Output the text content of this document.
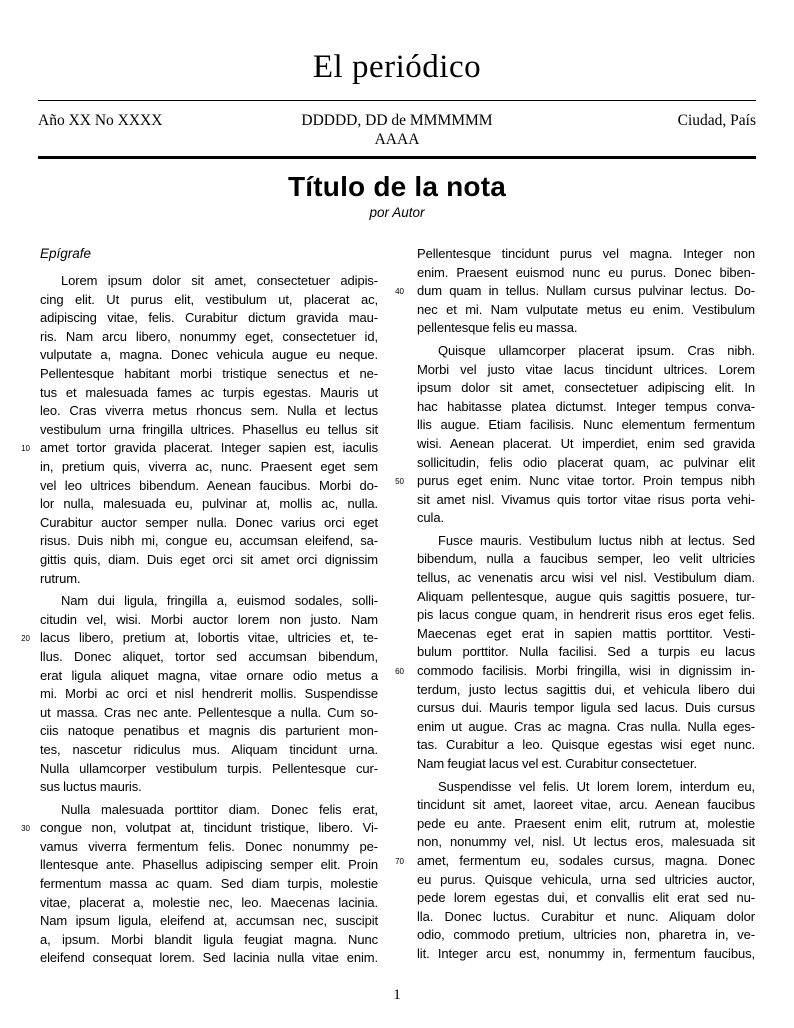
El periódico
Año XX No XXXX	DDDDD, DD de MMMMMM
AAAA
Ciudad, País
Título de la nota
por Autor
Epígrafe
Lorem ipsum dolor sit amet, consectetuer adipis-
cing elit. Ut purus elit, vestibulum ut, placerat ac,
adipiscing vitae, felis. Curabitur dictum gravida mau-
ris. Nam arcu libero, nonummy eget, consectetuer id,
vulputate a, magna. Donec vehicula augue eu neque.
Pellentesque habitant morbi tristique senectus et ne-
tus et malesuada fames ac turpis egestas. Mauris ut
leo. Cras viverra metus rhoncus sem. Nulla et lectus
vestibulum urna fringilla ultrices. Phasellus eu tellus sit
amet tortor gravida placerat. Integer sapien est, iaculis
10
in, pretium quis, viverra ac, nunc. Praesent eget sem
vel leo ultrices bibendum. Aenean faucibus. Morbi do-
lor nulla, malesuada eu, pulvinar at, mollis ac, nulla.
Curabitur auctor semper nulla. Donec varius orci eget
risus. Duis nibh mi, congue eu, accumsan eleifend, sa-
gittis quis, diam. Duis eget orci sit amet orci dignissim
rutrum.
Nam dui ligula, fringilla a, euismod sodales, solli-
citudin vel, wisi. Morbi auctor lorem non justo. Nam
lacus libero, pretium at, lobortis vitae, ultricies et, te-
20
llus. Donec aliquet, tortor sed accumsan bibendum,
erat ligula aliquet magna, vitae ornare odio metus a
mi. Morbi ac orci et nisl hendrerit mollis. Suspendisse
ut massa. Cras nec ante. Pellentesque a nulla. Cum so-
ciis natoque penatibus et magnis dis parturient mon-
tes, nascetur ridiculus mus. Aliquam tincidunt urna.
Nulla ullamcorper vestibulum turpis. Pellentesque cur-
sus luctus mauris.
Nulla malesuada porttitor diam. Donec felis erat,
congue non, volutpat at, tincidunt tristique, libero. Vi-
30
vamus viverra fermentum felis. Donec nonummy pe-
llentesque ante. Phasellus adipiscing semper elit. Proin
fermentum massa ac quam. Sed diam turpis, molestie
vitae, placerat a, molestie nec, leo. Maecenas lacinia.
Nam ipsum ligula, eleifend at, accumsan nec, suscipit
a, ipsum. Morbi blandit ligula feugiat magna. Nunc
eleifend consequat lorem. Sed lacinia nulla vitae enim.
Pellentesque tincidunt purus vel magna. Integer non
enim. Praesent euismod nunc eu purus. Donec biben-
dum quam in tellus. Nullam cursus pulvinar lectus. Do-
40
nec et mi. Nam vulputate metus eu enim. Vestibulum
pellentesque felis eu massa.
Quisque ullamcorper placerat ipsum. Cras nibh.
Morbi vel justo vitae lacus tincidunt ultrices. Lorem
ipsum dolor sit amet, consectetuer adipiscing elit. In
hac habitasse platea dictumst. Integer tempus conva-
llis augue. Etiam facilisis. Nunc elementum fermentum
wisi. Aenean placerat. Ut imperdiet, enim sed gravida
sollicitudin, felis odio placerat quam, ac pulvinar elit
purus eget enim. Nunc vitae tortor. Proin tempus nibh
50
sit amet nisl. Vivamus quis tortor vitae risus porta vehi-
cula.
Fusce mauris. Vestibulum luctus nibh at lectus. Sed
bibendum, nulla a faucibus semper, leo velit ultricies
tellus, ac venenatis arcu wisi vel nisl. Vestibulum diam.
Aliquam pellentesque, augue quis sagittis posuere, tur-
pis lacus congue quam, in hendrerit risus eros eget felis.
Maecenas eget erat in sapien mattis porttitor. Vesti-
bulum porttitor. Nulla facilisi. Sed a turpis eu lacus
commodo facilisis. Morbi fringilla, wisi in dignissim in-
60
terdum, justo lectus sagittis dui, et vehicula libero dui
cursus dui. Mauris tempor ligula sed lacus. Duis cursus
enim ut augue. Cras ac magna. Cras nulla. Nulla eges-
tas. Curabitur a leo. Quisque egestas wisi eget nunc.
Nam feugiat lacus vel est. Curabitur consectetuer.
Suspendisse vel felis. Ut lorem lorem, interdum eu,
tincidunt sit amet, laoreet vitae, arcu. Aenean faucibus
pede eu ante. Praesent enim elit, rutrum at, molestie
non, nonummy vel, nisl. Ut lectus eros, malesuada sit
amet, fermentum eu, sodales cursus, magna. Donec
70
eu purus. Quisque vehicula, urna sed ultricies auctor,
pede lorem egestas dui, et convallis elit erat sed nu-
lla. Donec luctus. Curabitur et nunc. Aliquam dolor
odio, commodo pretium, ultricies non, pharetra in, ve-
lit. Integer arcu est, nonummy in, fermentum faucibus,
1
